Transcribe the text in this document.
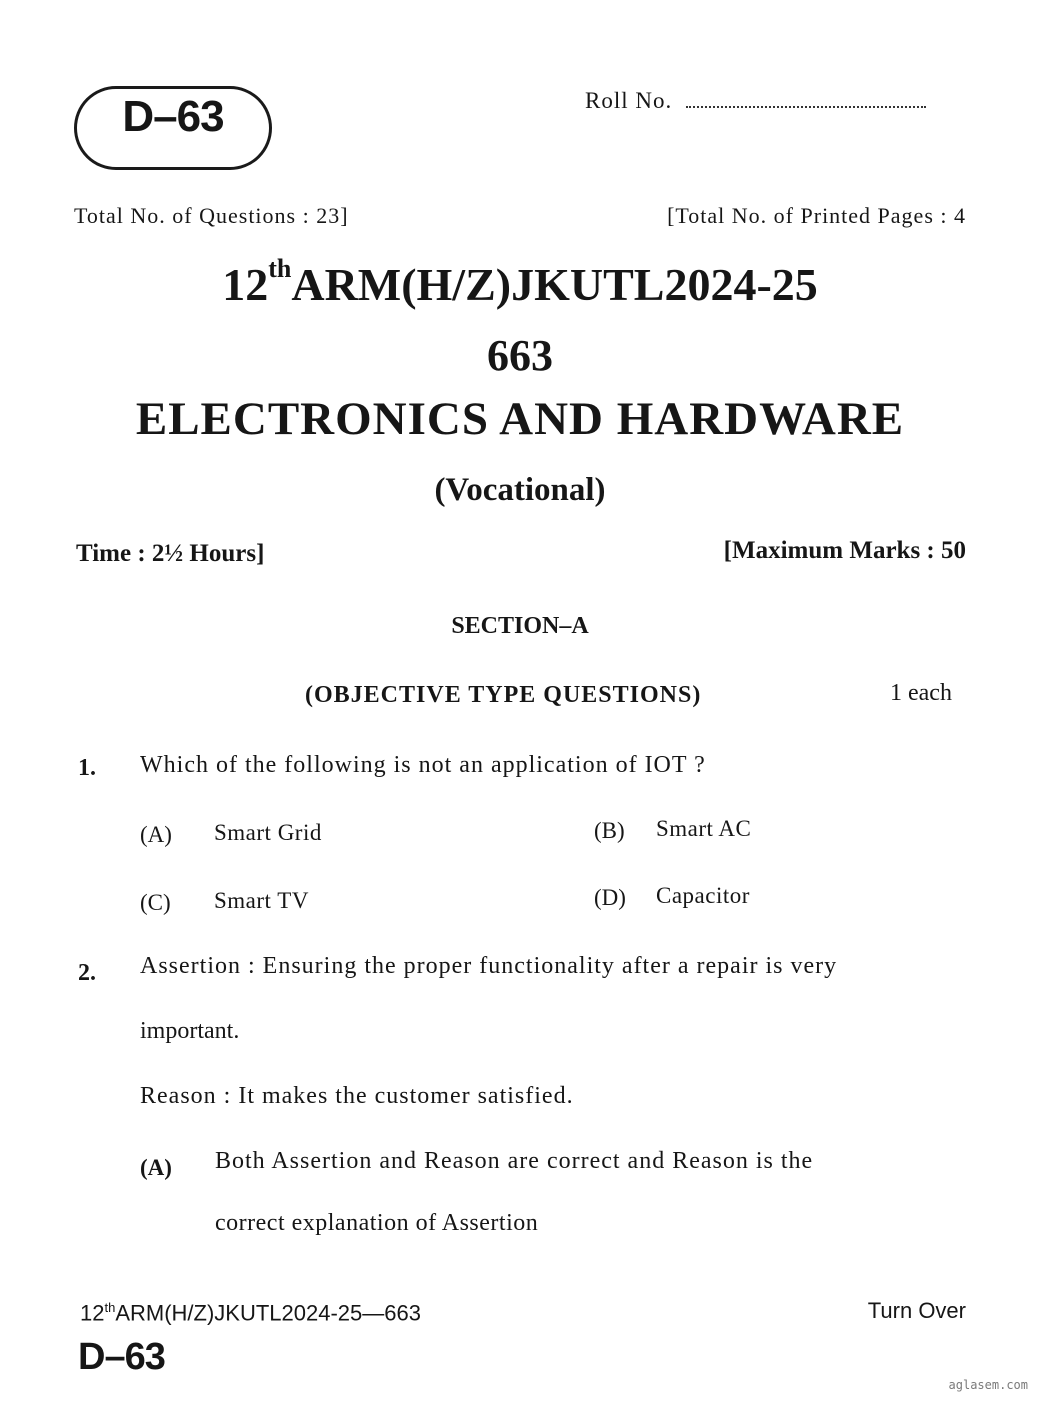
D–63	Roll No.
Total No. of Questions : 23]	[Total No. of Printed Pages : 4
12thARM(H/Z)JKUTL2024-25
663
ELECTRONICS AND HARDWARE
(Vocational)
Time : 2½ Hours]	[Maximum Marks : 50
SECTION–A
(OBJECTIVE TYPE QUESTIONS)	1 each
1. Which of the following is not an application of IOT ?
(A) Smart Grid	(B) Smart AC
(C) Smart TV	(D) Capacitor
2. Assertion : Ensuring the proper functionality after a repair is very
important.
Reason : It makes the customer satisfied.
(A) Both Assertion and Reason are correct and Reason is the
correct explanation of Assertion
12thARM(H/Z)JKUTL2024-25—663	Turn Over
D–63
aglasem.com
